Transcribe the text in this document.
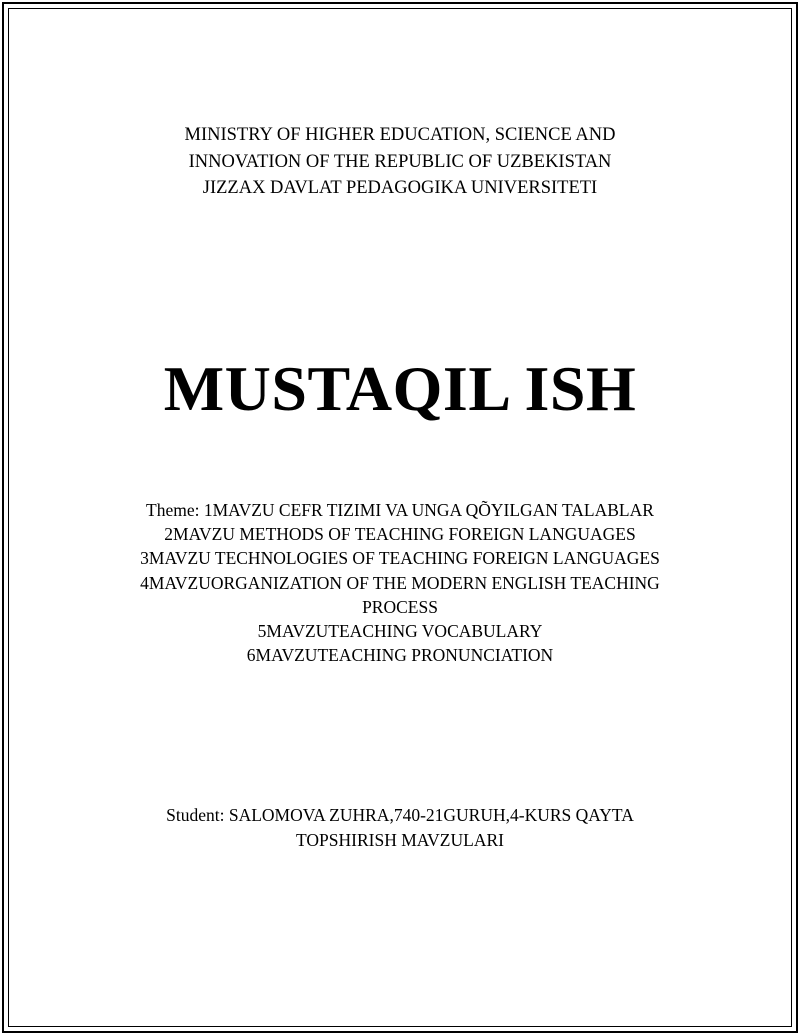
MINISTRY OF HIGHER EDUCATION, SCIENCE AND
INNOVATION OF THE REPUBLIC OF UZBEKISTAN
JIZZAX DAVLAT PEDAGOGIKA UNIVERSITETI
MUSTAQIL ISH
Theme: 1MAVZU CEFR TIZIMI VA UNGA QÕYILGAN TALABLAR
2MAVZU METHODS OF TEACHING FOREIGN LANGUAGES
3MAVZU TECHNOLOGIES OF TEACHING FOREIGN LANGUAGES
4MAVZUORGANIZATION OF THE MODERN ENGLISH TEACHING
PROCESS
5MAVZUTEACHING VOCABULARY
6MAVZUTEACHING PRONUNCIATION
Student: SALOMOVA ZUHRA,740-21GURUH,4-KURS QAYTA
TOPSHIRISH MAVZULARI
